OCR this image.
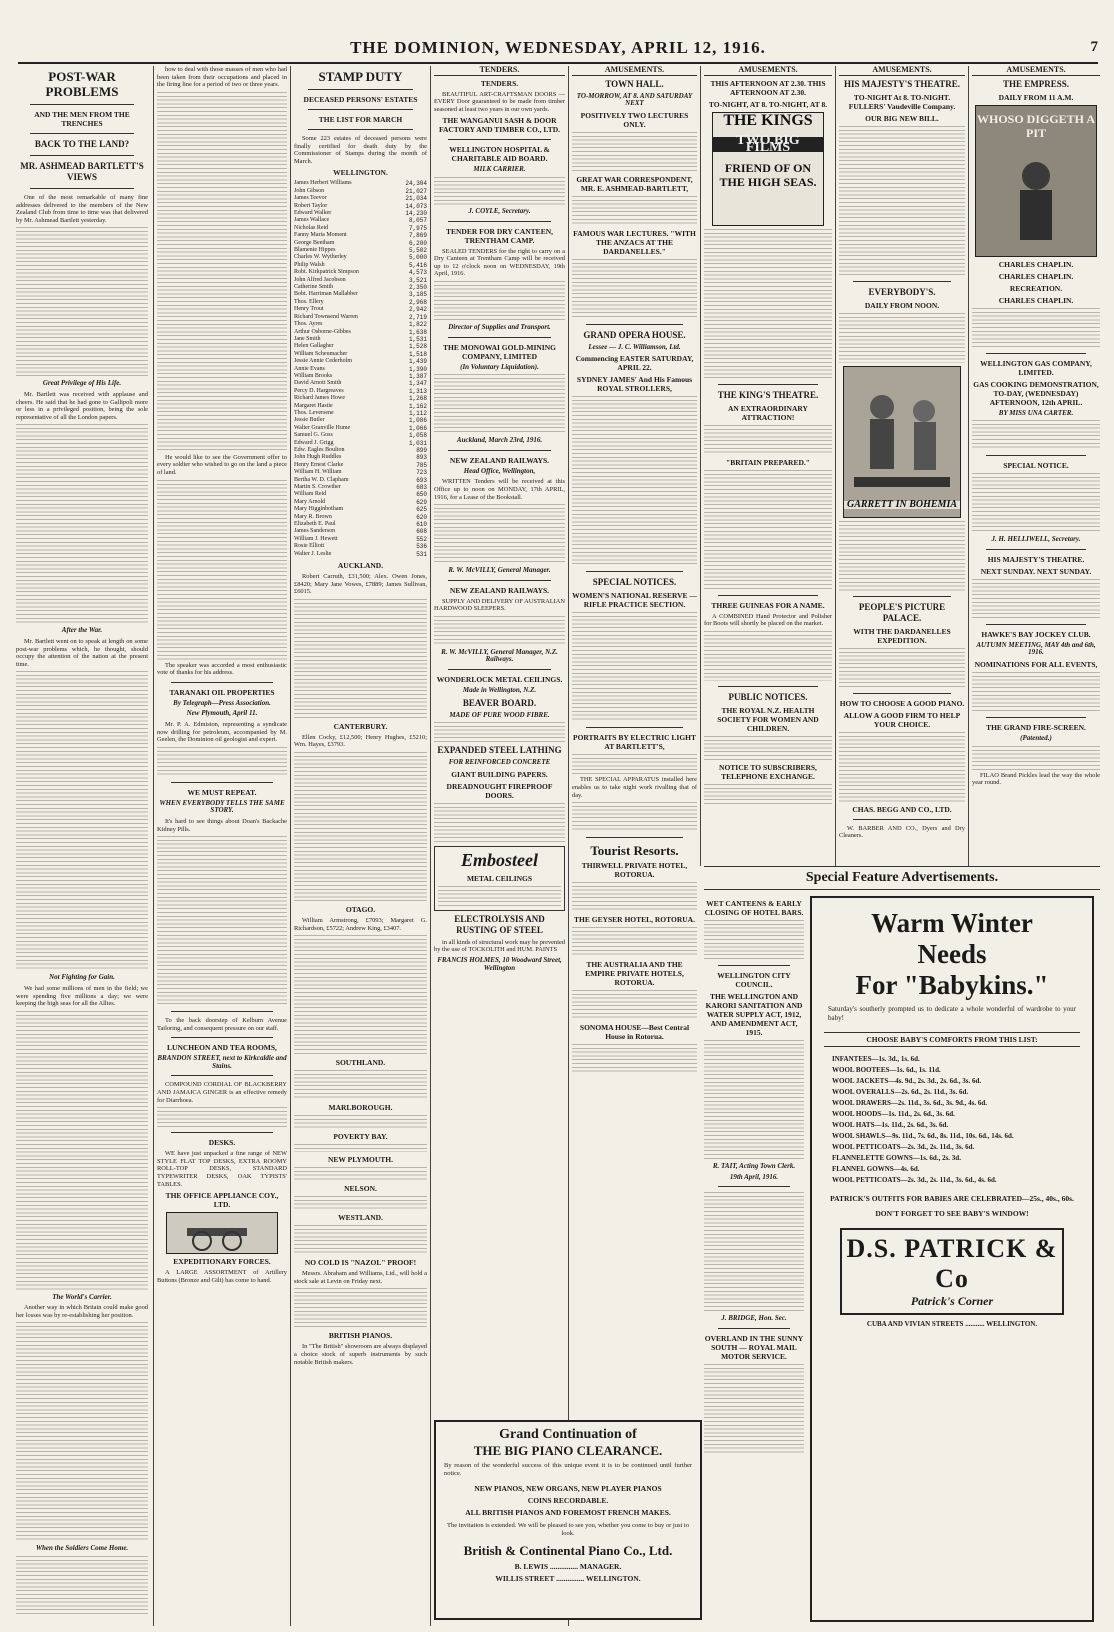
THE DOMINION, WEDNESDAY, APRIL 12, 1916.	7
POST-WAR PROBLEMS
AND THE MEN FROM THE TRENCHES
BACK TO THE LAND?
MR. ASHMEAD BARTLETT'S VIEWS

One of the most remarkable of many fine addresses delivered to the members of the New Zealand Club from time to time was that delivered by Mr. Ashmead Bartlett yesterday.

Great Privilege of His Life.

Mr. Bartlett was received with applause and cheers. He said that he had gone to Gallipoli more or less in a privileged position, being the sole representative of all the London papers.

After the War.

Mr. Bartlett went on to speak at length on some post-war problems which, he thought, should occupy the attention of the nation at the present time.

Not Fighting for Gain.

We had some millions of men in the field; we were spending five millions a day; we were keeping the high seas for all the Allies.

The World's Carrier.

Another way in which Britain could make good her losses was by re-establishing her position.

When the Soldiers Come Home.

how to deal with those masses of men who had been taken from their occupations and placed in the firing line for a period of two or three years.

He would like to see the Government offer to every soldier who wished to go on the land a piece of land.

The speaker was accorded a most enthusiastic vote of thanks for his address.

TARANAKI OIL PROPERTIES
By Telegraph—Press Association.
New Plymouth, April 11.

Mr. P. A. Edmiston, representing a syndicate now drilling for petroleum, accompanied by M. Geelen, the Dominion oil geologist and expert.

WE MUST REPEAT.
WHEN EVERYBODY TELLS THE SAME STORY.

It's hard to see things about Doan's Backache Kidney Pills.

To the back doorstep of Kelburn Avenue Tailoring, and consequent pressure on our staff.

LUNCHEON AND TEA ROOMS,
BRANDON STREET, next to Kirkcaldie and Stains.

COMPOUND CORDIAL OF BLACKBERRY AND JAMAICA GINGER is an effective remedy for Diarrhoea.

DESKS.

WE have just unpacked a fine range of NEW STYLE FLAT TOP DESKS, EXTRA ROOMY ROLL-TOP DESKS, STANDARD TYPEWRITER DESKS, OAK TYPISTS' TABLES.

THE OFFICE APPLIANCE COY., LTD.
EXPEDITIONARY FORCES.

A LARGE ASSORTMENT of Artillery Buttons (Bronze and Gilt) has come to hand.

STAMP DUTY
DECEASED PERSONS' ESTATES
THE LIST FOR MARCH

Some 223 estates of deceased persons were finally certified for death duty by the Commissioner of Stamps during the month of March.

WELLINGTON.
James Herbert Williams	24,304
John Gibson	21,027
James Teevor	21,034
Robert Taylor	14,073
Edward Walker	14,230
James Wallace	8,057
Nicholas Reid	7,975
Fanny Maria Moment	7,869
George Beetham	6,200
Blamenie Hippes	5,502
Charles W. Wytherley	5,000
Philip Walsh	5,416
Robt. Kirkpatrick Simpson	4,573
John Alfred Jacobson	3,521
Catherine Smith	2,350
Bobt. Harriman Mallabber	3,185
Thos. Ellery	2,968
Henry Trout	2,942
Richard Townsend Warren	2,719
Thos. Ayres	1,822
Arthur Osborne-Gibbes	1,638
Jane Smith	1,531
Helen Gallagher	1,528
William Scheumacher	1,518
Jessie Annie Cederholm	1,439
Annie Evans	1,390
William Brooks	1,387
David Arnott Smith	1,347
Percy D. Hargreaves	1,313
Richard James Howe	1,268
Margaret Hastie	1,162
Thos. Leversene	1,112
Jessie Butler	1,086
Walter Granville Hume	1,066
Samuel G. Goss	1,058
Edward J. Grigg	1,031
Edw. Eagles Boulton	899
John Hugh Ruddles	893
Henry Ernest Clarke	785
William H. William	723
Bertha W. D. Clapham	693
Martin S. Crowther	683
William Reid	650
Mary Arnold	629
Mary Higginbotham	625
Mary R. Brown	620
Elizabeth E. Paul	610
James Sanderson	608
William J. Hewett	552
Rosie Elliott	536
Walter J. Leslie	531
AUCKLAND.

Robert Carruth, £31,500; Alex. Owen Jones, £8420; Mary Jane Vowes, £7889; James Sullivan, £6015.

CANTERBURY.

Ellen Cocky, £12,500; Henry Hughes, £5210; Wm. Hayes, £3793.

OTAGO.

William Armstrong, £7093; Margaret G. Richardson, £5722; Andrew King, £3407.

SOUTHLAND.
MARLBOROUGH.
POVERTY BAY.
NEW PLYMOUTH.
NELSON.
WESTLAND.
NO COLD IS "NAZOL" PROOF!

Messrs. Abraham and Williams, Ltd., will hold a stock sale at Levin on Friday next.

BRITISH PIANOS.

In "The British" showroom are always displayed a choice stock of superb instruments by such notable British makers.

TENDERS.
TENDERS.

BEAUTIFUL ART-CRAFTSMAN DOORS — EVERY Door guaranteed to be made from timber seasoned at least two years in our own yards.

THE WANGANUI SASH & DOOR FACTORY AND TIMBER CO., LTD.
WELLINGTON HOSPITAL & CHARITABLE AID BOARD.
MILK CARRIER.
J. COYLE, Secretary.
TENDER FOR DRY CANTEEN, TRENTHAM CAMP.

SEALED TENDERS for the right to carry on a Dry Canteen at Trentham Camp will be received up to 12 o'clock noon on WEDNESDAY, 19th April, 1916.

Director of Supplies and Transport.
THE MONOWAI GOLD-MINING COMPANY, LIMITED
(In Voluntary Liquidation).
Auckland, March 23rd, 1916.
NEW ZEALAND RAILWAYS.
Head Office, Wellington,

WRITTEN Tenders will be received at this Office up to noon on MONDAY, 17th APRIL, 1916, for a Lease of the Bookstall.

R. W. McVILLY, General Manager.
NEW ZEALAND RAILWAYS.

SUPPLY AND DELIVERY OF AUSTRALIAN HARDWOOD SLEEPERS.

R. W. McVILLY, General Manager, N.Z. Railways.
WONDERLOCK METAL CEILINGS.
Made in Wellington, N.Z.
BEAVER BOARD.
MADE OF PURE WOOD FIBRE.
EXPANDED STEEL LATHING
FOR REINFORCED CONCRETE
GIANT BUILDING PAPERS.
DREADNOUGHT FIREPROOF DOORS.
Embosteel
METAL CEILINGS
ELECTROLYSIS AND RUSTING OF STEEL

in all kinds of structural work may be prevented by the use of TOCKOLITH and HUM. PAINTS

FRANCIS HOLMES, 10 Woodward Street, Wellington
AMUSEMENTS.
TOWN HALL.
TO-MORROW, AT 8. AND SATURDAY NEXT
POSITIVELY TWO LECTURES ONLY.
GREAT WAR CORRESPONDENT, MR. E. ASHMEAD-BARTLETT,
FAMOUS WAR LECTURES. "WITH THE ANZACS AT THE DARDANELLES."
GRAND OPERA HOUSE.
Lessee — J. C. Williamson, Ltd.
Commencing EASTER SATURDAY, APRIL 22.
SYDNEY JAMES' And His Famous ROYAL STROLLERS,
SPECIAL NOTICES.
WOMEN'S NATIONAL RESERVE — RIFLE PRACTICE SECTION.
PORTRAITS BY ELECTRIC LIGHT AT BARTLETT'S,

THE SPECIAL APPARATUS installed here enables us to take night work rivalling that of day.

Tourist Resorts.
THIRWELL PRIVATE HOTEL, ROTORUA.
THE GEYSER HOTEL, ROTORUA.
THE AUSTRALIA AND THE EMPIRE PRIVATE HOTELS, ROTORUA.
SONOMA HOUSE—Best Central House in Rotorua.
AMUSEMENTS.
THIS AFTERNOON AT 2.30. THIS AFTERNOON AT 2.30.
TO-NIGHT, AT 8. TO-NIGHT, AT 8.
THE KINGS
TWO BIG FILMS
FRIEND OF ON THE HIGH SEAS.
THE KING'S THEATRE.
AN EXTRAORDINARY ATTRACTION!
"BRITAIN PREPARED."
THREE GUINEAS FOR A NAME.

A COMBINED Hand Protector and Polisher for Boots will shortly be placed on the market.

PUBLIC NOTICES.
THE ROYAL N.Z. HEALTH SOCIETY FOR WOMEN AND CHILDREN.
NOTICE TO SUBSCRIBERS, TELEPHONE EXCHANGE.
AMUSEMENTS.
HIS MAJESTY'S THEATRE.
TO-NIGHT At 8. TO-NIGHT. FULLERS' Vaudeville Company.
OUR BIG NEW BILL.
EVERYBODY'S.
DAILY FROM NOON.
GARRETT IN BOHEMIA
PEOPLE'S PICTURE PALACE.
WITH THE DARDANELLES EXPEDITION.
HOW TO CHOOSE A GOOD PIANO.
ALLOW A GOOD FIRM TO HELP YOUR CHOICE.
CHAS. BEGG AND CO., LTD.

W. BARBER AND CO., Dyers and Dry Cleaners.

AMUSEMENTS.
THE EMPRESS.
DAILY FROM 11 A.M.
WHOSO DIGGETH A PIT
CHARLES CHAPLIN.
CHARLES CHAPLIN.
RECREATION.
CHARLES CHAPLIN.
WELLINGTON GAS COMPANY, LIMITED.
GAS COOKING DEMONSTRATION, TO-DAY, (WEDNESDAY) AFTERNOON, 12th APRIL.
BY MISS UNA CARTER.
SPECIAL NOTICE.
J. H. HELLIWELL, Secretary.
HIS MAJESTY'S THEATRE.
NEXT SUNDAY. NEXT SUNDAY.
HAWKE'S BAY JOCKEY CLUB.
AUTUMN MEETING, MAY 4th and 6th, 1916.
NOMINATIONS FOR ALL EVENTS,
THE GRAND FIRE-SCREEN.
(Patented.)

FILAO Brand Pickles lead the way the whole year round.

Special Feature Advertisements.
Warm Winter
Needs
For "Babykins."
Saturday's southerly prompted us to dedicate a whole wonderful of wardrobe to your baby!
CHOOSE BABY'S COMFORTS FROM THIS LIST:
INFANTEES—1s. 3d., 1s. 6d.
WOOL BOOTEES—1s. 6d., 1s. 11d.
WOOL JACKETS—4s. 9d., 2s. 3d., 2s. 6d., 3s. 6d.
WOOL OVERALLS—2s. 6d., 2s. 11d., 3s. 6d.
WOOL DRAWERS—2s. 11d., 3s. 6d., 3s. 9d., 4s. 6d.
WOOL HOODS—1s. 11d., 2s. 6d., 3s. 6d.
WOOL HATS—1s. 11d., 2s. 6d., 3s. 6d.
WOOL SHAWLS—9s. 11d., 7s. 6d., 8s. 11d., 10s. 6d., 14s. 6d.
WOOL PETTICOATS—2s. 3d., 2s. 11d., 3s. 6d.
FLANNELETTE GOWNS—1s. 6d., 2s. 3d.
FLANNEL GOWNS—4s. 6d.
WOOL PETTICOATS—2s. 3d., 2s. 11d., 3s. 6d., 4s. 6d.
PATRICK'S OUTFITS FOR BABIES ARE CELEBRATED—25s., 40s., 60s.
DON'T FORGET TO SEE BABY'S WINDOW!
D.S. PATRICK & Co
Patrick's Corner
CUBA AND VIVIAN STREETS ........... WELLINGTON.
WET CANTEENS & EARLY CLOSING OF HOTEL BARS.
WELLINGTON CITY COUNCIL.
THE WELLINGTON AND KARORI SANITATION AND WATER SUPPLY ACT, 1912, AND AMENDMENT ACT, 1915.
R. TAIT, Acting Town Clerk.
19th April, 1916.
J. BRIDGE, Hon. Sec.
OVERLAND IN THE SUNNY SOUTH — ROYAL MAIL MOTOR SERVICE.
Grand Continuation of
THE BIG PIANO CLEARANCE.
By reason of the wonderful success of this unique event it is to be continued until further notice.
NEW PIANOS, NEW ORGANS, NEW PLAYER PIANOS
COINS RECORDABLE.
ALL BRITISH PIANOS AND FOREMOST FRENCH MAKES.
The invitation is extended. We will be pleased to see you, whether you come to buy or just to look.
British & Continental Piano Co., Ltd.
B. LEWIS ............... MANAGER.
WILLIS STREET ............... WELLINGTON.
